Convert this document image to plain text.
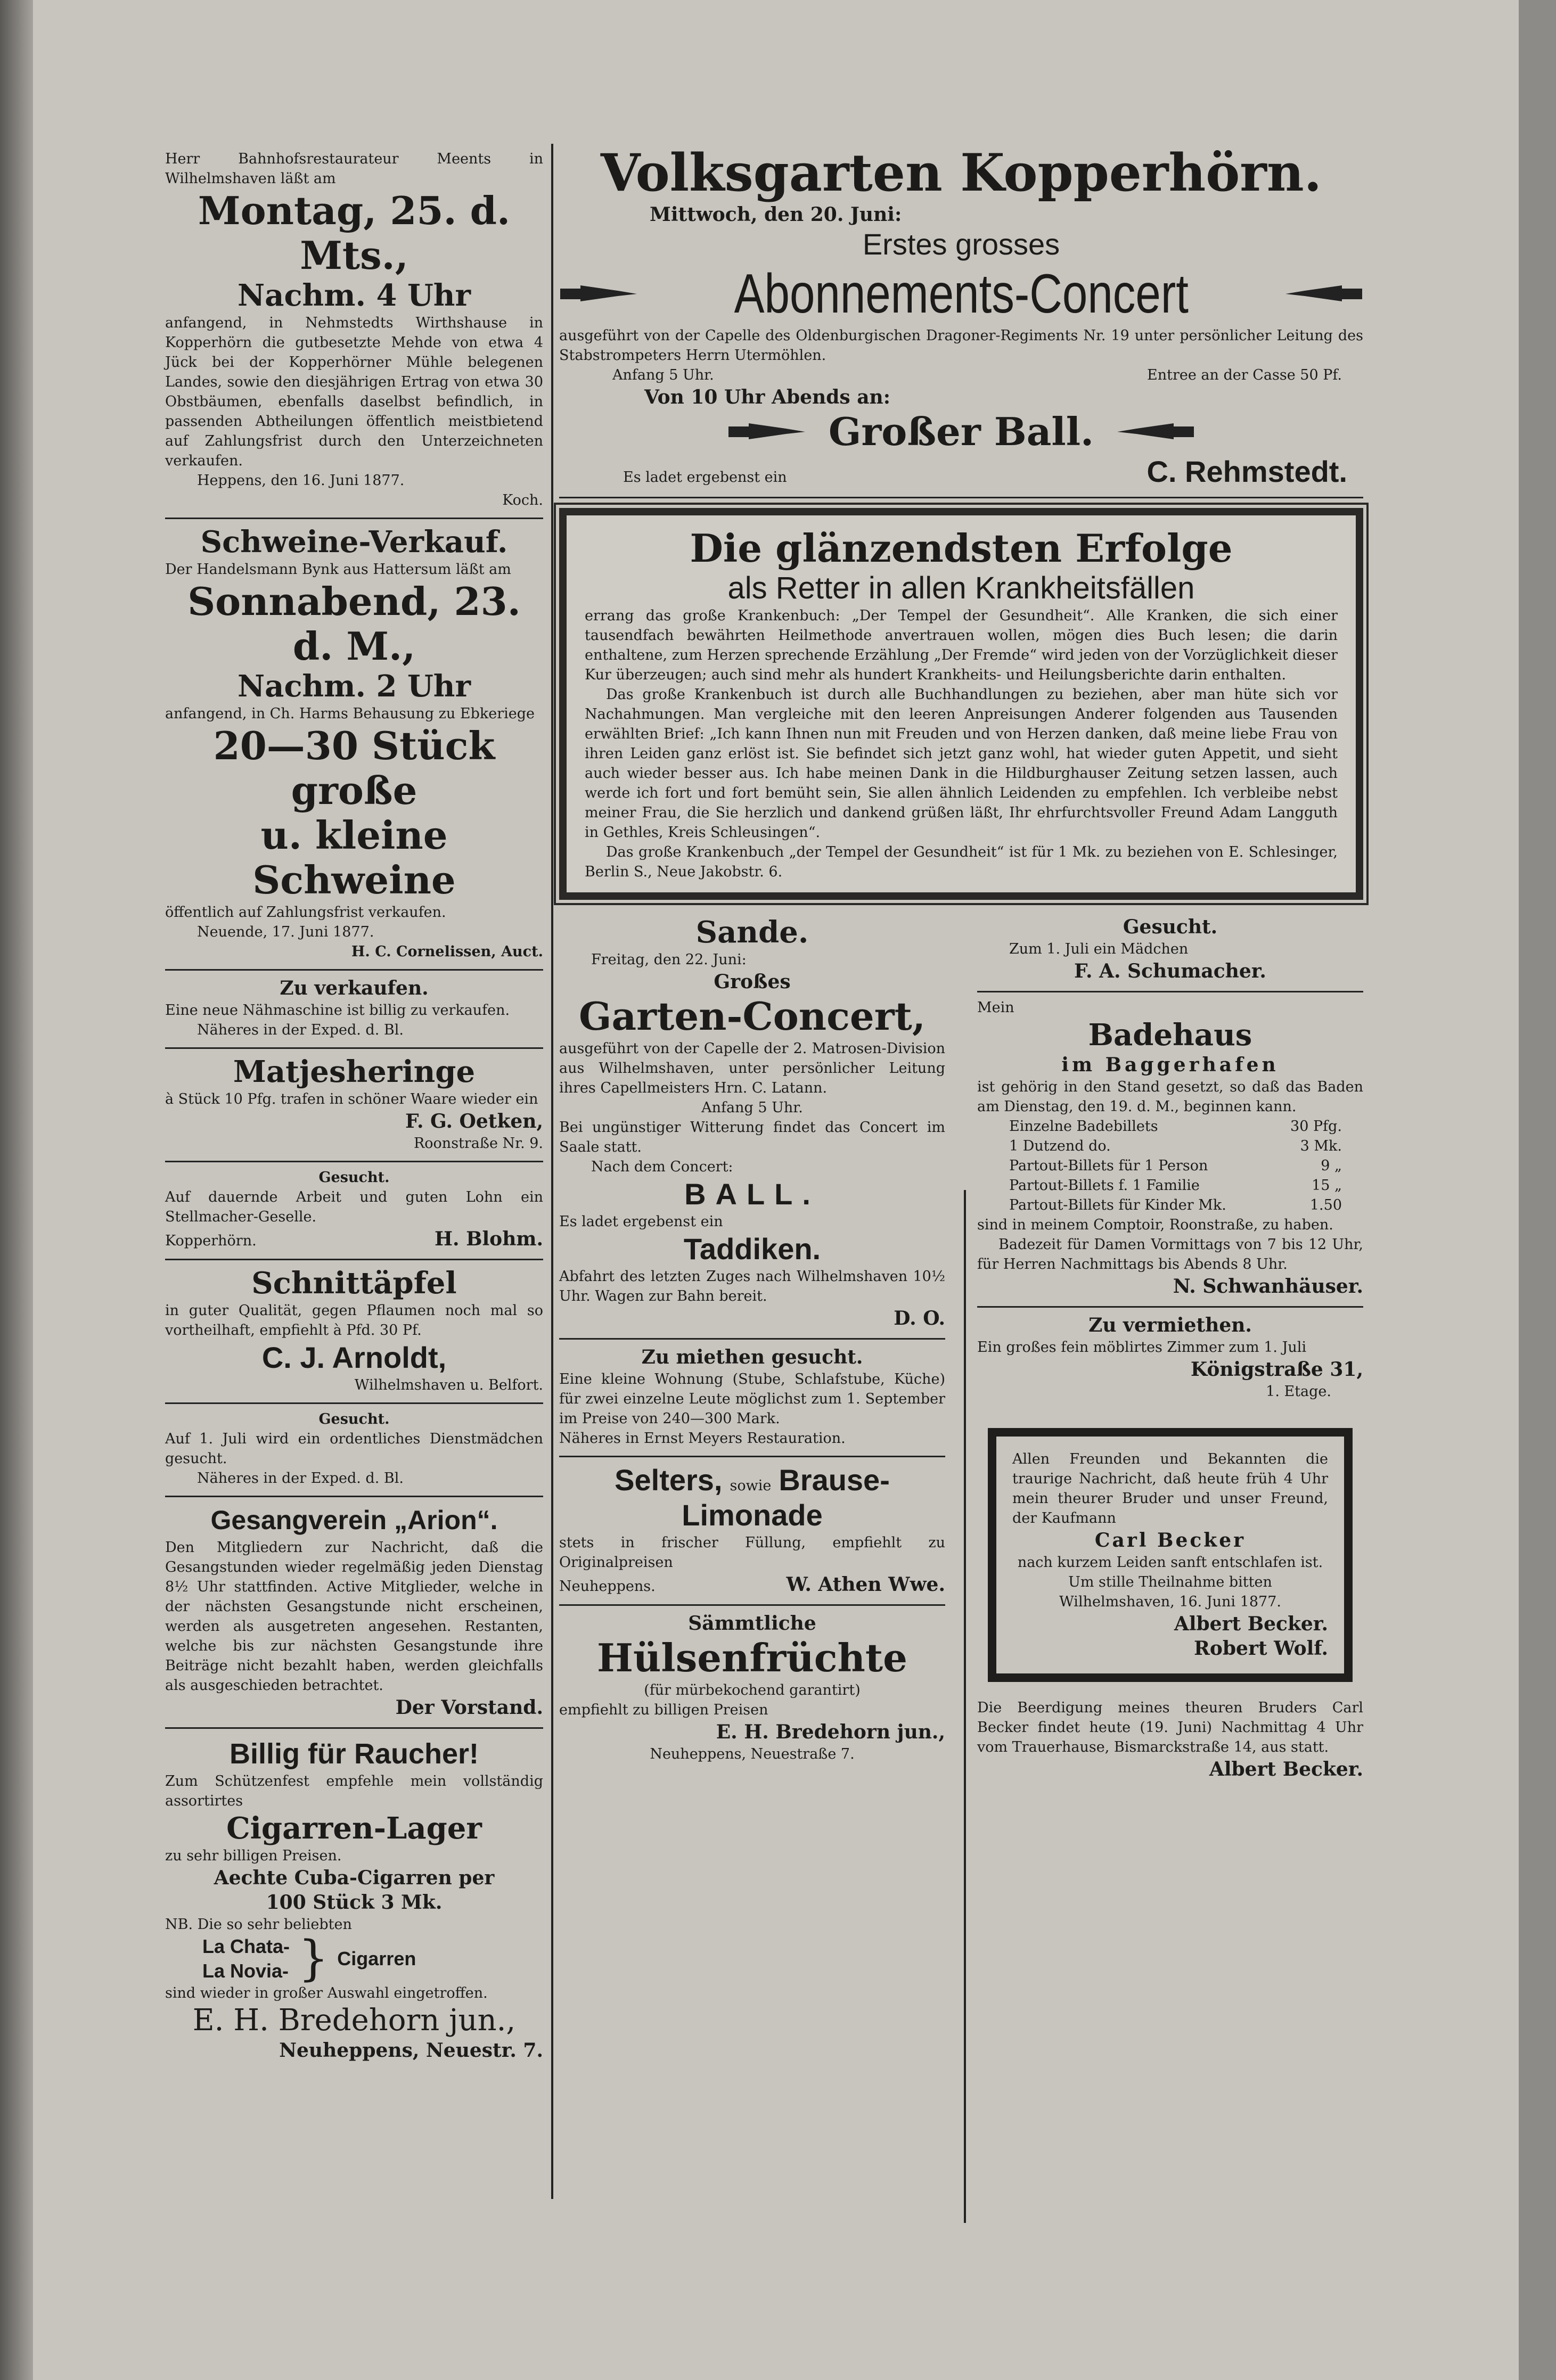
Herr Bahnhofsrestaurateur Meents in Wilhelmshaven läßt am
Montag, 25. d. Mts.,
Nachm. 4 Uhr
anfangend, in Nehmstedts Wirthshause in Kopperhörn die gutbesetzte Mehde von etwa 4 Jück bei der Kopperhörner Mühle belegenen Landes, sowie den diesjährigen Ertrag von etwa 30 Obstbäumen, ebenfalls daselbst befindlich, in passenden Abtheilungen öffentlich meistbietend auf Zahlungsfrist durch den Unterzeichneten verkaufen.
Heppens, den 16. Juni 1877.
Koch.
Schweine-Verkauf.
Der Handelsmann Bynk aus Hattersum läßt am
Sonnabend, 23. d. M.,
Nachm. 2 Uhr
anfangend, in Ch. Harms Behausung zu Ebkeriege
20—30 Stück große
u. kleine Schweine
öffentlich auf Zahlungsfrist verkaufen.
Neuende, 17. Juni 1877.
H. C. Cornelissen, Auct.
Zu verkaufen.
Eine neue Nähmaschine ist billig zu verkaufen.
Näheres in der Exped. d. Bl.
Matjesheringe
à Stück 10 Pfg. trafen in schöner Waare wieder ein
F. G. Oetken,
Roonstraße Nr. 9.
Gesucht.
Auf dauernde Arbeit und guten Lohn ein Stellmacher-Geselle.
Kopperhörn.	H. Blohm.
Schnittäpfel
in guter Qualität, gegen Pflaumen noch mal so vortheilhaft, empfiehlt à Pfd. 30 Pf.
C. J. Arnoldt,
Wilhelmshaven u. Belfort.
Gesucht.
Auf 1. Juli wird ein ordentliches Dienstmädchen gesucht.
Näheres in der Exped. d. Bl.
Gesangverein „Arion“.
Den Mitgliedern zur Nachricht, daß die Gesangstunden wieder regelmäßig jeden Dienstag 8½ Uhr stattfinden. Active Mitglieder, welche in der nächsten Gesangstunde nicht erscheinen, werden als ausgetreten angesehen. Restanten, welche bis zur nächsten Gesangstunde ihre Beiträge nicht bezahlt haben, werden gleichfalls als ausgeschieden betrachtet.
Der Vorstand.
Billig für Raucher!
Zum Schützenfest empfehle mein vollständig assortirtes
Cigarren-Lager
zu sehr billigen Preisen.
Aechte Cuba-Cigarren per
100 Stück 3 Mk.
NB. Die so sehr beliebten
La Chata-
La Novia- } Cigarren
sind wieder in großer Auswahl eingetroffen.
E. H. Bredehorn jun.,
Neuheppens, Neuestr. 7.
Volksgarten Kopperhörn.
Mittwoch, den 20. Juni:
Erstes grosses
Abonnements-Concert
ausgeführt von der Capelle des Oldenburgischen Dragoner-Regiments Nr. 19 unter persönlicher Leitung des Stabstrompeters Herrn Utermöhlen.
Anfang 5 Uhr.	Entree an der Casse 50 Pf.
Von 10 Uhr Abends an:
Großer Ball.
Es ladet ergebenst ein	C. Rehmstedt.
Die glänzendsten Erfolge
als Retter in allen Krankheitsfällen
errang das große Krankenbuch: „Der Tempel der Gesundheit“. Alle Kranken, die sich einer tausendfach bewährten Heilmethode anvertrauen wollen, mögen dies Buch lesen; die darin enthaltene, zum Herzen sprechende Erzählung „Der Fremde“ wird jeden von der Vorzüglichkeit dieser Kur überzeugen; auch sind mehr als hundert Krankheits- und Heilungsberichte darin enthalten.
Das große Krankenbuch ist durch alle Buchhandlungen zu beziehen, aber man hüte sich vor Nachahmungen. Man vergleiche mit den leeren Anpreisungen Anderer folgenden aus Tausenden erwählten Brief: „Ich kann Ihnen nun mit Freuden und von Herzen danken, daß meine liebe Frau von ihren Leiden ganz erlöst ist. Sie befindet sich jetzt ganz wohl, hat wieder guten Appetit, und sieht auch wieder besser aus. Ich habe meinen Dank in die Hildburghauser Zeitung setzen lassen, auch werde ich fort und fort bemüht sein, Sie allen ähnlich Leidenden zu empfehlen. Ich verbleibe nebst meiner Frau, die Sie herzlich und dankend grüßen läßt, Ihr ehrfurchtsvoller Freund Adam Langguth in Gethles, Kreis Schleusingen“.
Das große Krankenbuch „der Tempel der Gesundheit“ ist für 1 Mk. zu beziehen von E. Schlesinger, Berlin S., Neue Jakobstr. 6.
Sande.
Freitag, den 22. Juni:
Großes
Garten-Concert,
ausgeführt von der Capelle der 2. Matrosen-Division aus Wilhelmshaven, unter persönlicher Leitung ihres Capellmeisters Hrn. C. Latann.
Anfang 5 Uhr.
Bei ungünstiger Witterung findet das Concert im Saale statt.
Nach dem Concert:
BALL.
Es ladet ergebenst ein
Taddiken.
Abfahrt des letzten Zuges nach Wilhelmshaven 10½ Uhr. Wagen zur Bahn bereit.
D. O.
Zu miethen gesucht.
Eine kleine Wohnung (Stube, Schlafstube, Küche) für zwei einzelne Leute möglichst zum 1. September im Preise von 240—300 Mark.
Näheres in Ernst Meyers Restauration.
Selters, sowie Brause-
Limonade
stets in frischer Füllung, empfiehlt zu Originalpreisen
Neuheppens.	W. Athen Wwe.
Sämmtliche
Hülsenfrüchte
(für mürbekochend garantirt)
empfiehlt zu billigen Preisen
E. H. Bredehorn jun.,
Neuheppens, Neuestraße 7.
Gesucht.
Zum 1. Juli ein Mädchen
F. A. Schumacher.
Mein
Badehaus
im Baggerhafen
ist gehörig in den Stand gesetzt, so daß das Baden am Dienstag, den 19. d. M., beginnen kann.
Einzelne Badebillets	30 Pfg.
1 Dutzend do.	3 Mk.
Partout-Billets für 1 Person	9 „
Partout-Billets f. 1 Familie	15 „
Partout-Billets für Kinder Mk.	1.50
sind in meinem Comptoir, Roonstraße, zu haben.
Badezeit für Damen Vormittags von 7 bis 12 Uhr, für Herren Nachmittags bis Abends 8 Uhr.
N. Schwanhäuser.
Zu vermiethen.
Ein großes fein möblirtes Zimmer zum 1. Juli
Königstraße 31,
1. Etage.
Allen Freunden und Bekannten die traurige Nachricht, daß heute früh 4 Uhr mein theurer Bruder und unser Freund, der Kaufmann
Carl Becker
nach kurzem Leiden sanft entschlafen ist. Um stille Theilnahme bitten
Wilhelmshaven, 16. Juni 1877.
Albert Becker.
Robert Wolf.
Die Beerdigung meines theuren Bruders Carl Becker findet heute (19. Juni) Nachmittag 4 Uhr vom Trauerhause, Bismarckstraße 14, aus statt.
Albert Becker.
